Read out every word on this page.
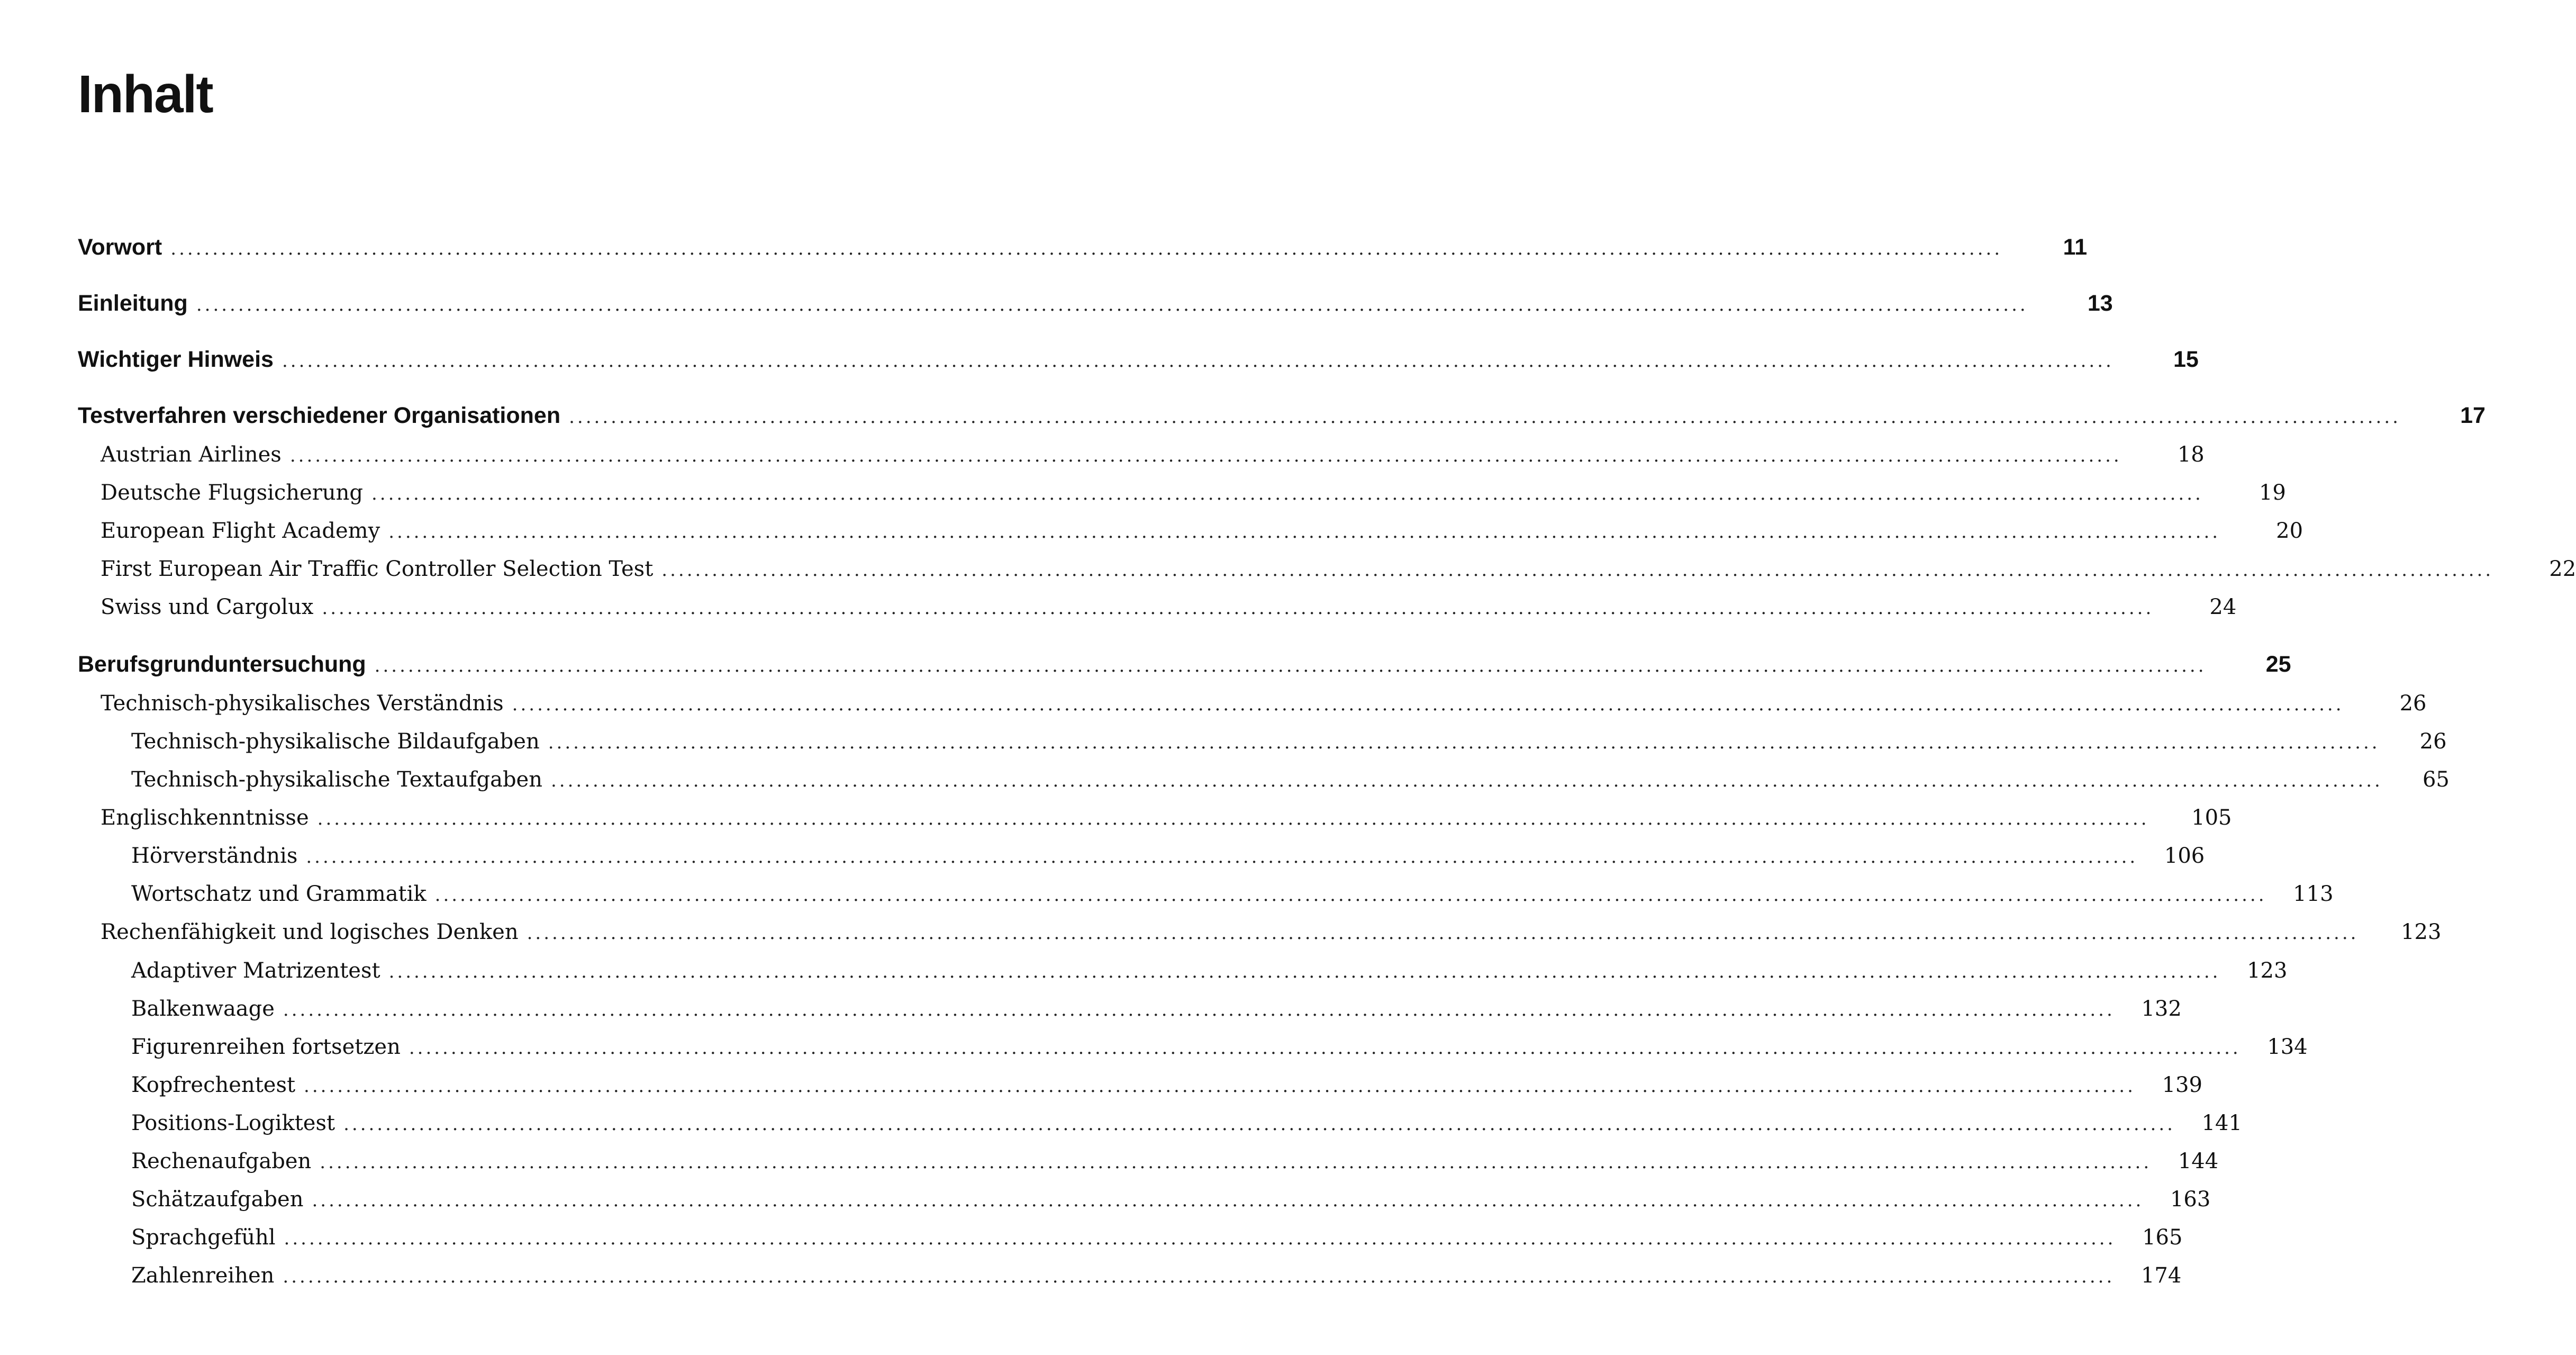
Inhalt
Vorwort ...........................................................................................................................................................................................................................	11
Einleitung ...........................................................................................................................................................................................................................	13
Wichtiger Hinweis ...........................................................................................................................................................................................................................	15
Testverfahren verschiedener Organisationen ...........................................................................................................................................................................................................................	17
Austrian Airlines ...........................................................................................................................................................................................................................	18
Deutsche Flugsicherung ...........................................................................................................................................................................................................................	19
European Flight Academy ...........................................................................................................................................................................................................................	20
First European Air Traffic Controller Selection Test ...........................................................................................................................................................................................................................	22
Swiss und Cargolux ...........................................................................................................................................................................................................................	24
Berufsgrunduntersuchung ...........................................................................................................................................................................................................................	25
Technisch-physikalisches Verständnis ...........................................................................................................................................................................................................................	26
Technisch-physikalische Bildaufgaben ...........................................................................................................................................................................................................................	26
Technisch-physikalische Textaufgaben ...........................................................................................................................................................................................................................	65
Englischkenntnisse ........................................................................................................................................................................................................................... 105
Hörverständnis ........................................................................................................................................................................................................................... 106
Wortschatz und Grammatik ........................................................................................................................................................................................................................... 113
Rechenfähigkeit und logisches Denken ........................................................................................................................................................................................................................... 123
Adaptiver Matrizentest ........................................................................................................................................................................................................................... 123
Balkenwaage ........................................................................................................................................................................................................................... 132
Figurenreihen fortsetzen ........................................................................................................................................................................................................................... 134
Kopfrechentest ........................................................................................................................................................................................................................... 139
Positions-Logiktest ........................................................................................................................................................................................................................... 141
Rechenaufgaben ........................................................................................................................................................................................................................... 144
Schätzaufgaben ........................................................................................................................................................................................................................... 163
Sprachgefühl ........................................................................................................................................................................................................................... 165
Zahlenreihen ........................................................................................................................................................................................................................... 174
